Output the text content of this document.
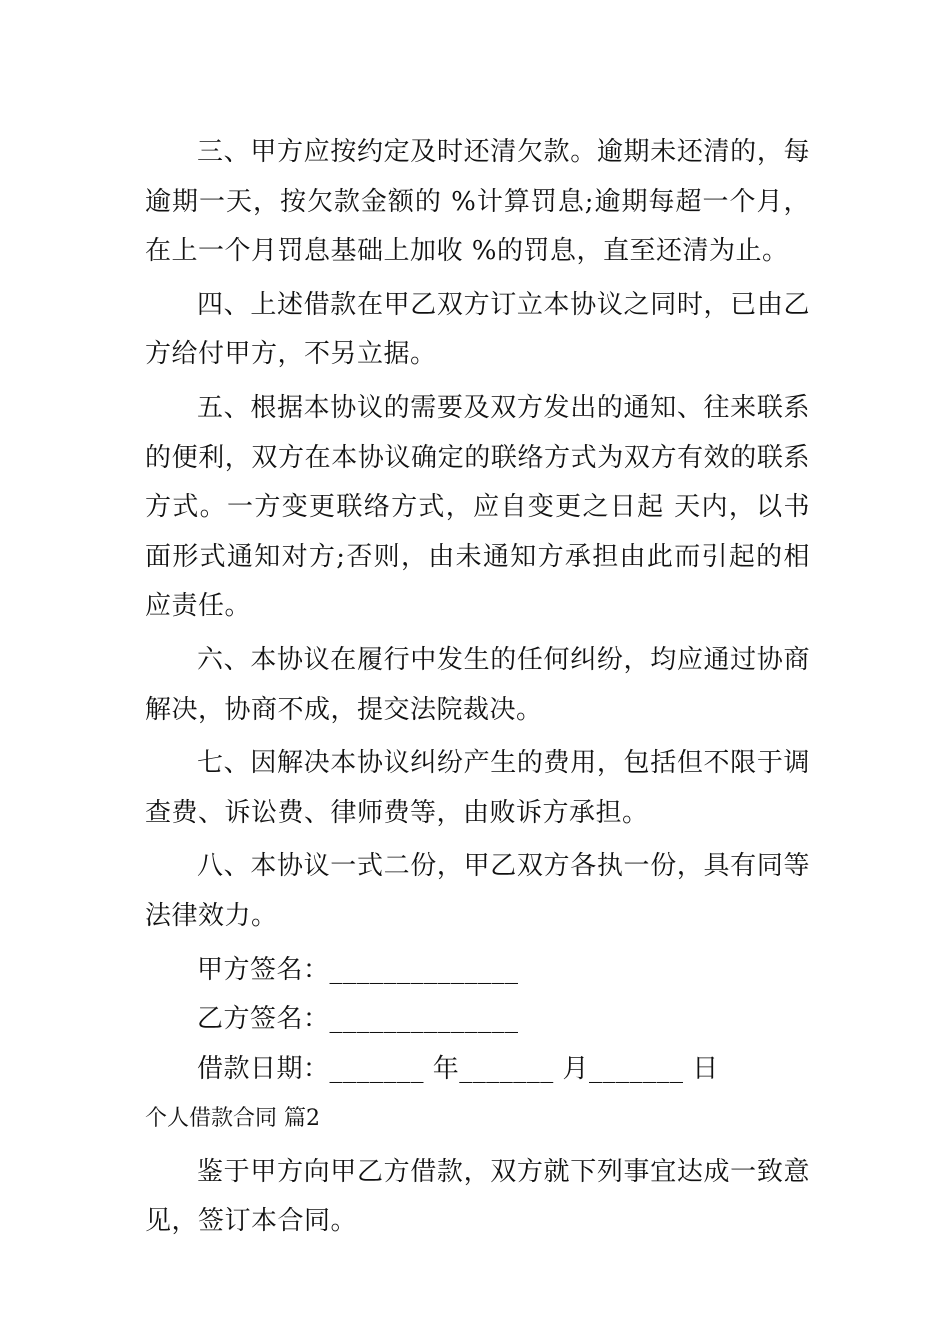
三、甲方应按约定及时还清欠款。逾期未还清的，每逾期一天，按欠款金额的 %计算罚息;逾期每超一个月，在上一个月罚息基础上加收 %的罚息，直至还清为止。

四、上述借款在甲乙双方订立本协议之同时，已由乙方给付甲方，不另立据。

五、根据本协议的需要及双方发出的通知、往来联系的便利，双方在本协议确定的联络方式为双方有效的联系方式。一方变更联络方式，应自变更之日起 天内，以书面形式通知对方;否则，由未通知方承担由此而引起的相应责任。

六、本协议在履行中发生的任何纠纷，均应通过协商解决，协商不成，提交法院裁决。

七、因解决本协议纠纷产生的费用，包括但不限于调查费、诉讼费、律师费等，由败诉方承担。

八、本协议一式二份，甲乙双方各执一份，具有同等法律效力。

甲方签名：______________

乙方签名：______________

借款日期：_______ 年_______ 月_______ 日

个人借款合同 篇2

鉴于甲方向甲乙方借款，双方就下列事宜达成一致意见，签订本合同。
